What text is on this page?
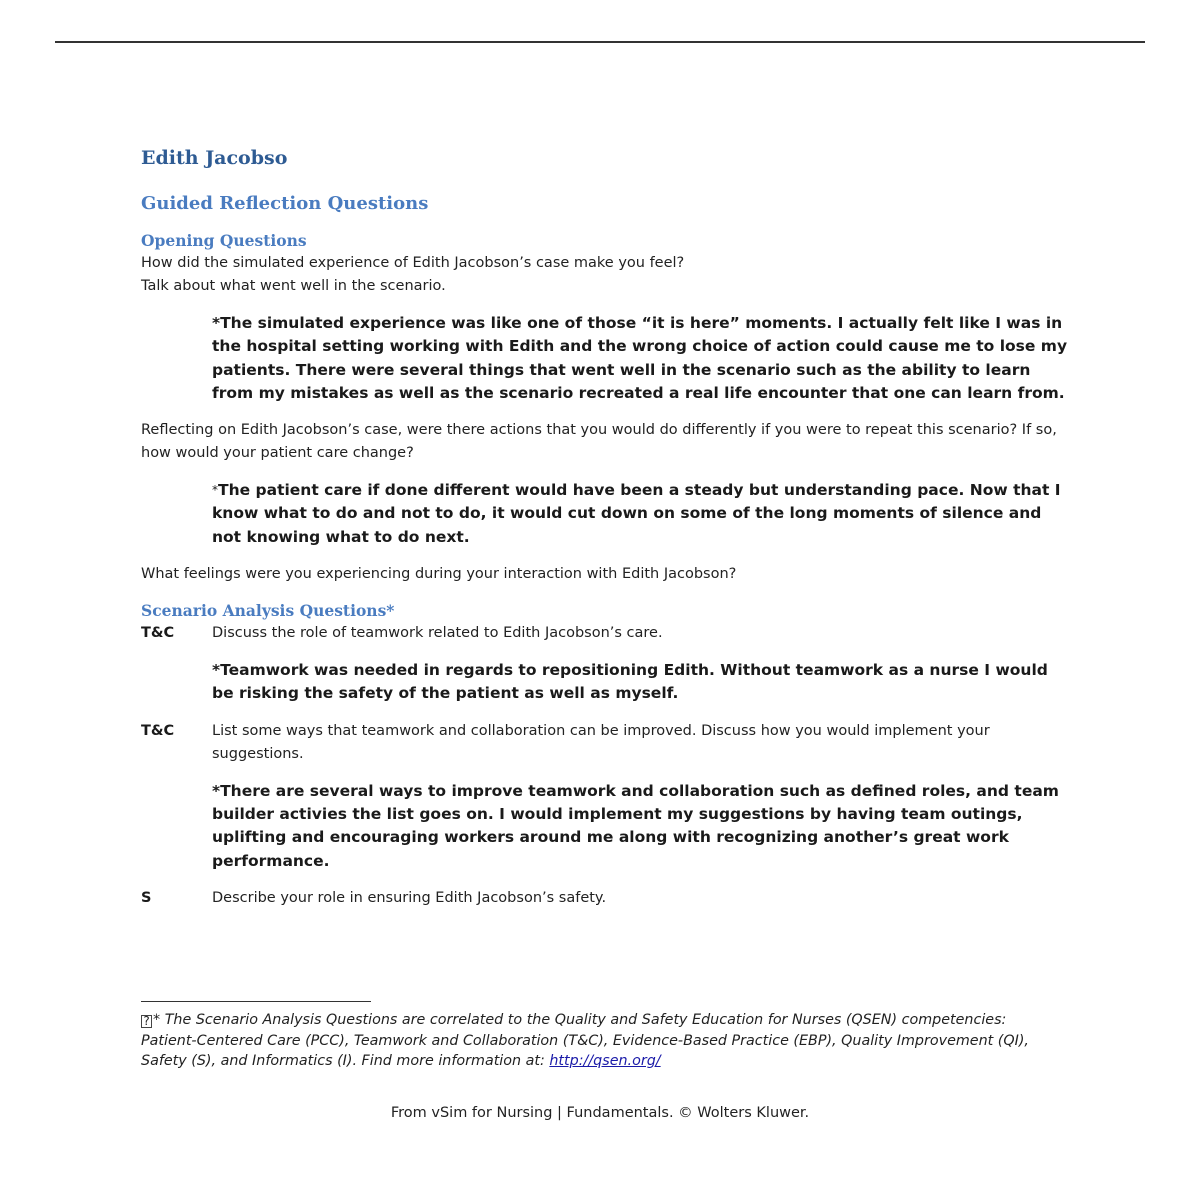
Edith Jacobso
Guided Reflection Questions
Opening Questions

How did the simulated experience of Edith Jacobson’s case make you feel?

Talk about what went well in the scenario.

*The simulated experience was like one of those “it is here” moments. I actually felt like I was in the hospital setting working with Edith and the wrong choice of action could cause me to lose my patients. There were several things that went well in the scenario such as the ability to learn from my mistakes as well as the scenario recreated a real life encounter that one can learn from.

Reflecting on Edith Jacobson’s case, were there actions that you would do differently if you were to repeat this scenario? If so, how would your patient care change?

*The patient care if done different would have been a steady but understanding pace. Now that I know what to do and not to do, it would cut down on some of the long moments of silence and not knowing what to do next.

What feelings were you experiencing during your interaction with Edith Jacobson?

Scenario Analysis Questions*
T&C	Discuss the role of teamwork related to Edith Jacobson’s care.
*Teamwork was needed in regards to repositioning Edith. Without teamwork as a nurse I would be risking the safety of the patient as well as myself.
T&C	List some ways that teamwork and collaboration can be improved. Discuss how you would implement your suggestions.
*There are several ways to improve teamwork and collaboration such as defined roles, and team builder activies the list goes on. I would implement my suggestions by having team outings, uplifting and encouraging workers around me along with recognizing another’s great work performance.
S	Describe your role in ensuring Edith Jacobson’s safety.
? * The Scenario Analysis Questions are correlated to the Quality and Safety Education for Nurses (QSEN) competencies: Patient-Centered Care (PCC), Teamwork and Collaboration (T&C), Evidence-Based Practice (EBP), Quality Improvement (QI), Safety (S), and Informatics (I). Find more information at: http://qsen.org/
From vSim for Nursing | Fundamentals. © Wolters Kluwer.
